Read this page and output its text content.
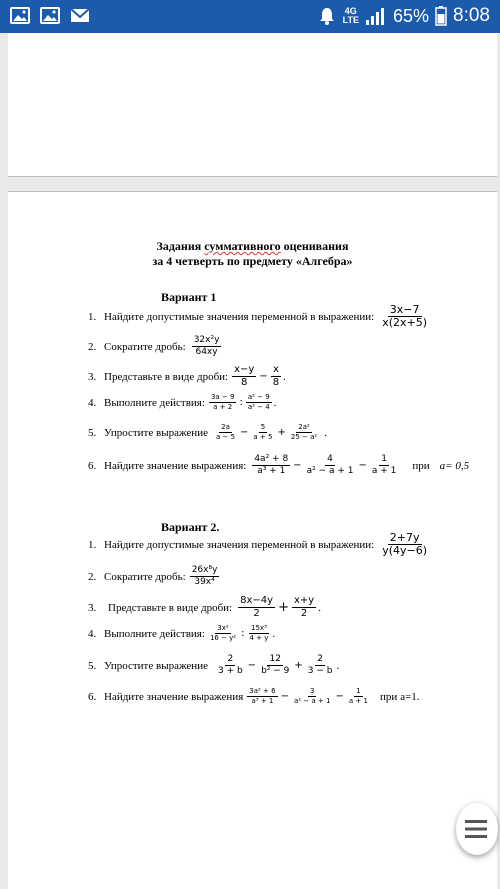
4G
LTE 65% 8:08
Задания суммативного оценивания
за 4 четверть по предмету «Алгебра»
Вариант 1
1. Найдите допустимые значения переменной в выражении: $\frac{3x-7}{x(2x+5)}$
2. Сократите дробь: $\frac{\text{32x²y}}{64xy}$
3. Представьте в виде дроби: $\frac{x-y}{8} - \frac{x}{8}$ .
4. Выполните действия: $\frac{3a - 9}{a + 2}$ : $\frac{\text{a² − 9}}{\text{a² − 4}}$ .
5. Упростите выражение $\frac{2a}{a - 5} - \frac{5}{a + 5} + \frac{\text{2a²}}{\text{25 − a²}}$ .
6. Найдите значение выражения: $\frac{\text{4a² + 8}}{\text{a³ + 1}} - \frac{4}{\text{a² − a + 1}} - \frac{1}{a + 1}$ при a= 0,5
Вариант 2.
1. Найдите допустимые значения переменной в выражении: $\frac{2+7y}{y(4y-6)}$
2. Сократите дробь: $\frac{\text{26x⁸y}}{\text{39x⁴}}$
3.	Представьте в виде дроби: $\frac{8x-4y}{2} + \frac{x+y}{2}$ .
4. Выполните действия: $\frac{\text{3x²}}{\text{16 − y²}}$ : $\frac{\text{15x³}}{4 + y}$ .
5. Упростите выражение $\frac{2}{3 + b} - \frac{12}{\text{b² − 9}} + \frac{2}{3 - b}$ .
6. Найдите значение выражения $\frac{\text{3a² + 6}}{\text{a³ + 1}} - \frac{3}{\text{a² − a + 1}} - \frac{1}{a + 1}$ при a=1.
